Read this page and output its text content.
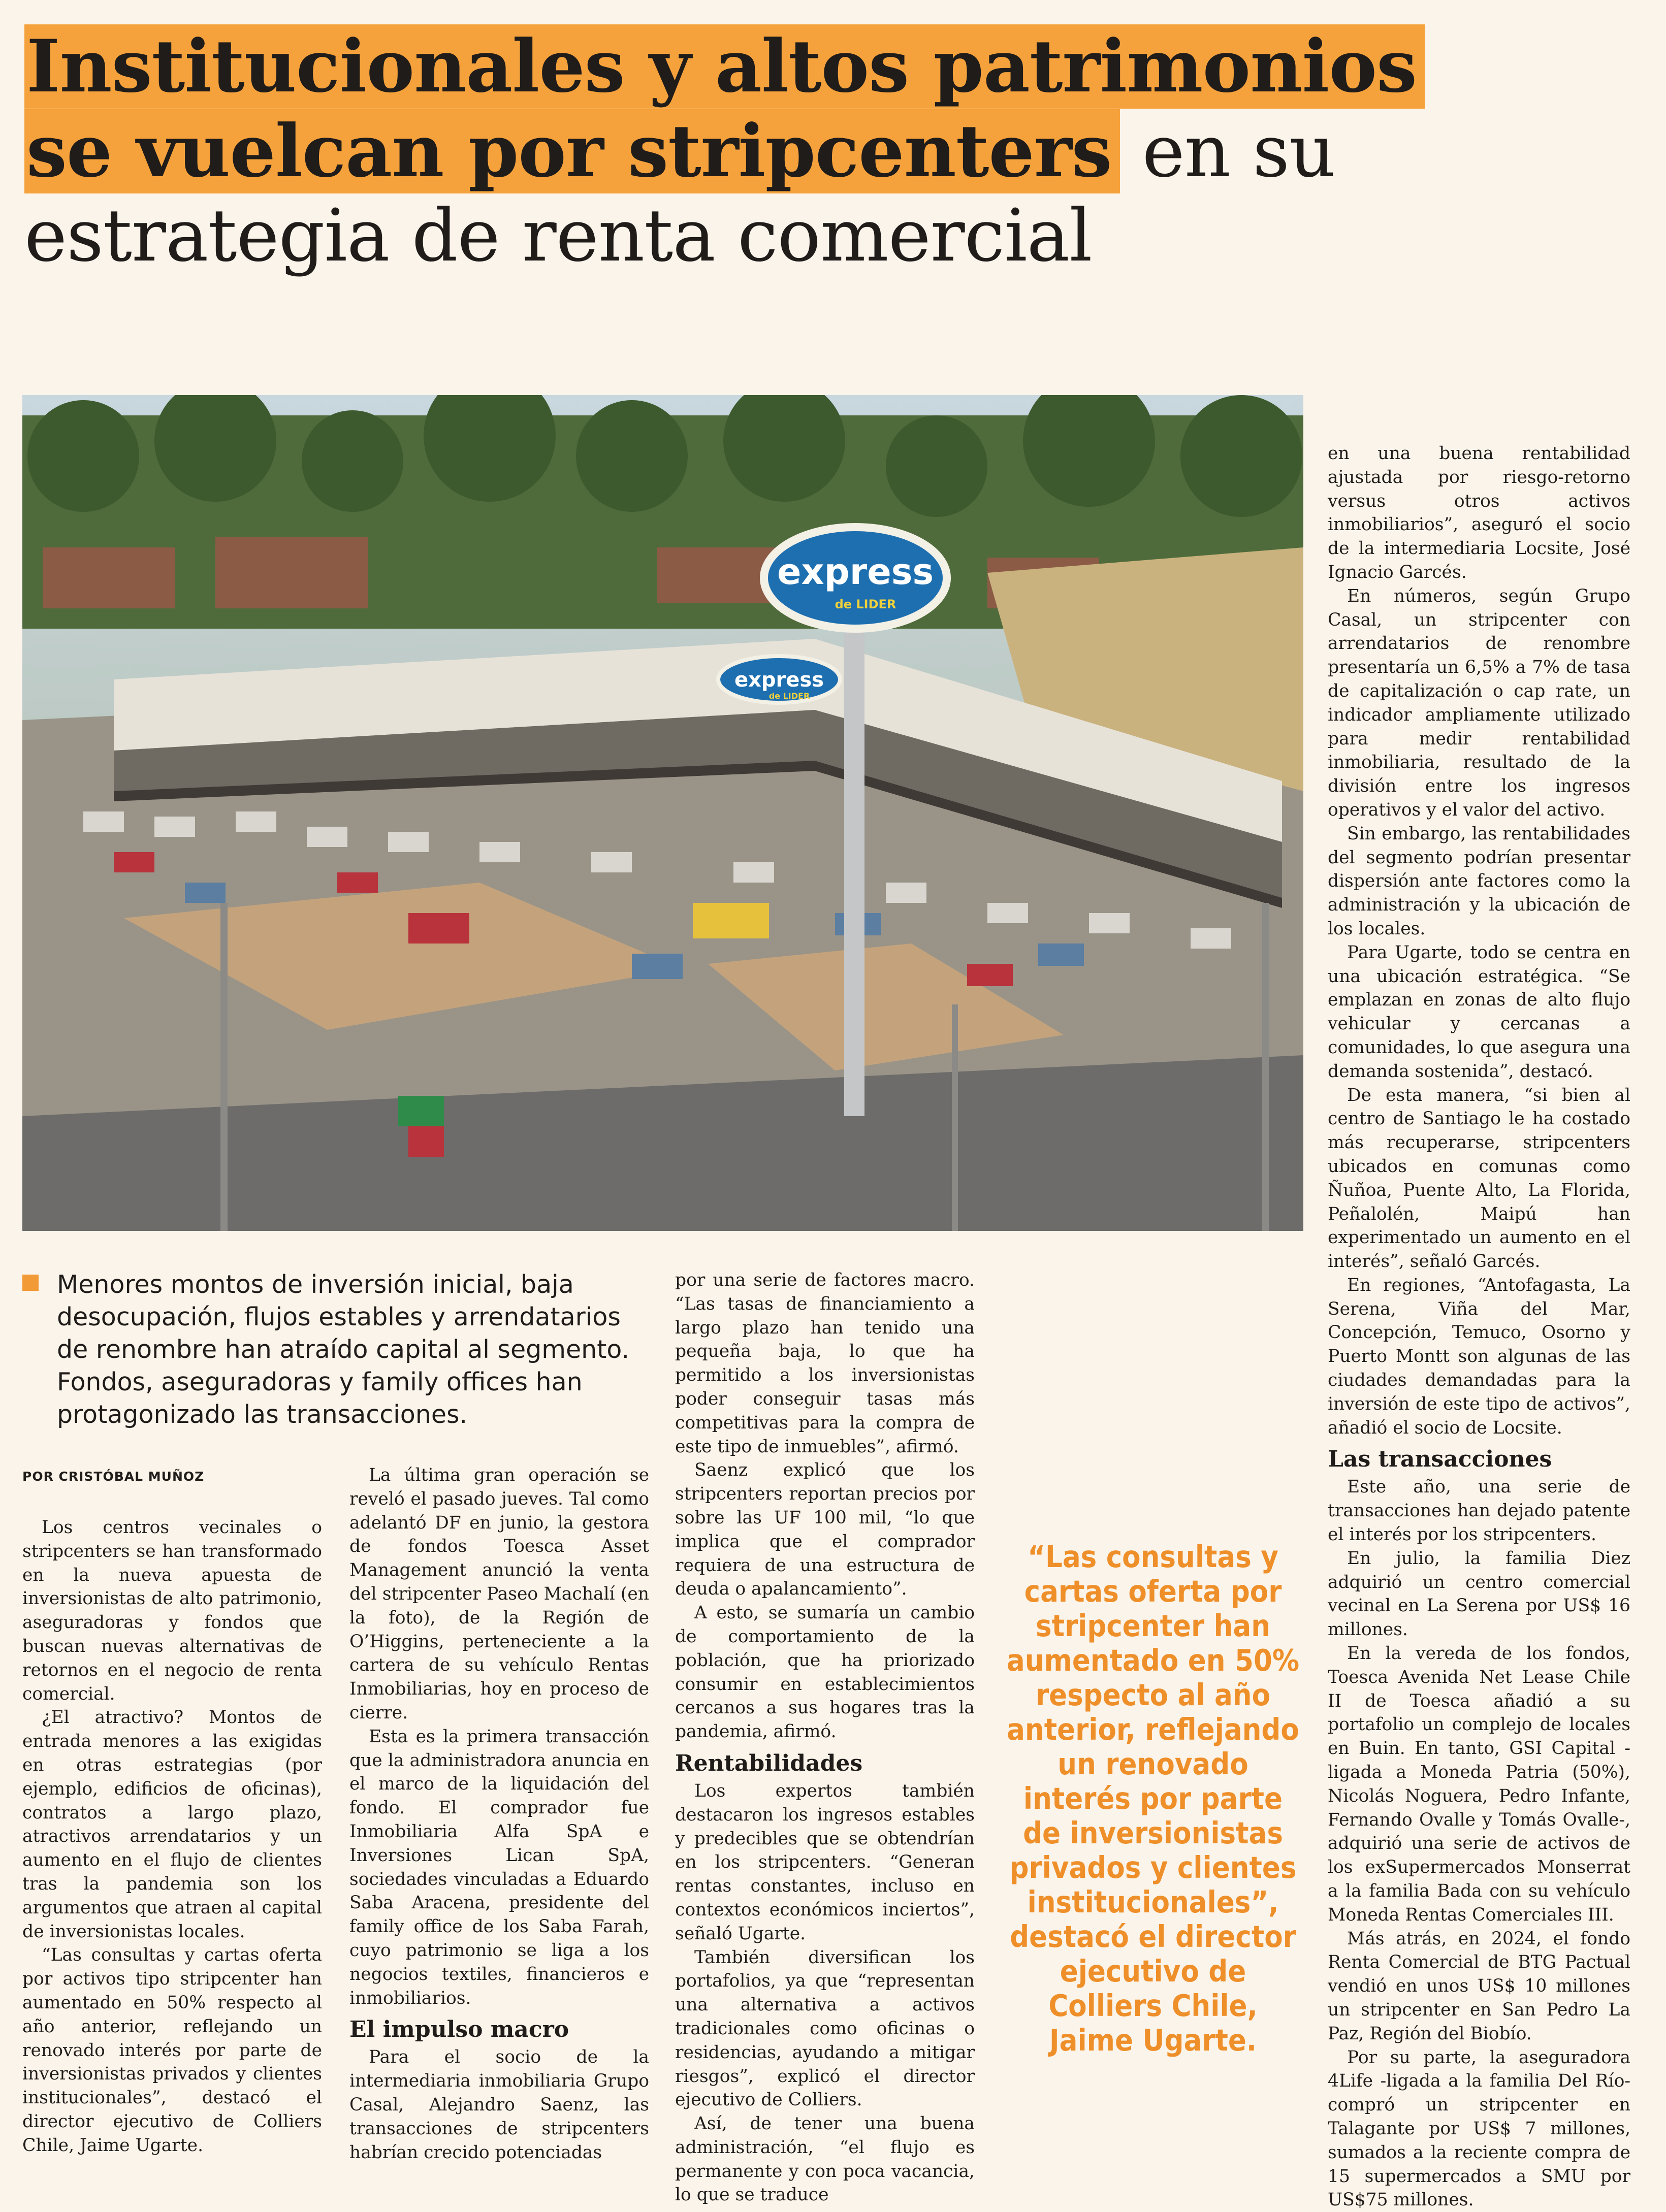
Institucionales y altos patrimonios
se vuelcan por stripcenters en su estrategia de renta comercial
express
de LIDER
express
de LIDER

Menores montos de inversión inicial, baja desocupación, flujos estables y arrendatarios de renombre han atraído capital al segmento. Fondos, aseguradoras y family offices han protagonizado las transacciones.

POR CRISTÓBAL MUÑOZ

Los centros vecinales o stripcenters se han transformado en la nueva apuesta de inversionistas de alto patrimonio, aseguradoras y fondos que buscan nuevas alternativas de retornos en el negocio de renta comercial.

¿El atractivo? Montos de entrada menores a las exigidas en otras estrategias (por ejemplo, edificios de oficinas), contratos a largo plazo, atractivos arrendatarios y un aumento en el flujo de clientes tras la pandemia son los argumentos que atraen al capital de inversionistas locales.

“Las consultas y cartas oferta por activos tipo stripcenter han aumentado en 50% respecto al año anterior, reflejando un renovado interés por parte de inversionistas privados y clientes institucionales”, destacó el director ejecutivo de Colliers Chile, Jaime Ugarte.

La última gran operación se reveló el pasado jueves. Tal como adelantó DF en junio, la gestora de fondos Toesca Asset Management anunció la venta del stripcenter Paseo Machalí (en la foto), de la Región de O’Higgins, perteneciente a la cartera de su vehículo Rentas Inmobiliarias, hoy en proceso de cierre.

Esta es la primera transacción que la administradora anuncia en el marco de la liquidación del fondo. El comprador fue Inmobiliaria Alfa SpA e Inversiones Lican SpA, sociedades vinculadas a Eduardo Saba Aracena, presidente del family office de los Saba Farah, cuyo patrimonio se liga a los negocios textiles, financieros e inmobiliarios.

El impulso macro

Para el socio de la intermediaria inmobiliaria Grupo Casal, Alejandro Saenz, las transacciones de stripcenters habrían crecido potenciadas

por una serie de factores macro. “Las tasas de financiamiento a largo plazo han tenido una pequeña baja, lo que ha permitido a los inversionistas poder conseguir tasas más competitivas para la compra de este tipo de inmuebles”, afirmó.

Saenz explicó que los stripcenters reportan precios por sobre las UF 100 mil, “lo que implica que el comprador requiera de una estructura de deuda o apalancamiento”.

A esto, se sumaría un cambio de comportamiento de la población, que ha priorizado consumir en establecimientos cercanos a sus hogares tras la pandemia, afirmó.

Rentabilidades

Los expertos también destacaron los ingresos estables y predecibles que se obtendrían en los stripcenters. “Generan rentas constantes, incluso en contextos económicos inciertos”, señaló Ugarte.

También diversifican los portafolios, ya que “representan una alternativa a activos tradicionales como oficinas o residencias, ayudando a mitigar riesgos”, explicó el director ejecutivo de Colliers.

Así, de tener una buena administración, “el flujo es permanente y con poca vacancia, lo que se traduce

“Las consultas y cartas oferta por stripcenter han aumentado en 50% respecto al año anterior, reflejando un renovado interés por parte de inversionistas privados y clientes institucionales”, destacó el director ejecutivo de Colliers Chile, Jaime Ugarte.

en una buena rentabilidad ajustada por riesgo-retorno versus otros activos inmobiliarios”, aseguró el socio de la intermediaria Locsite, José Ignacio Garcés.

En números, según Grupo Casal, un stripcenter con arrendatarios de renombre presentaría un 6,5% a 7% de tasa de capitalización o cap rate, un indicador ampliamente utilizado para medir rentabilidad inmobiliaria, resultado de la división entre los ingresos operativos y el valor del activo.

Sin embargo, las rentabilidades del segmento podrían presentar dispersión ante factores como la administración y la ubicación de los locales.

Para Ugarte, todo se centra en una ubicación estratégica. “Se emplazan en zonas de alto flujo vehicular y cercanas a comunidades, lo que asegura una demanda sostenida”, destacó.

De esta manera, “si bien al centro de Santiago le ha costado más recuperarse, stripcenters ubicados en comunas como Ñuñoa, Puente Alto, La Florida, Peñalolén, Maipú han experimentado un aumento en el interés”, señaló Garcés.

En regiones, “Antofagasta, La Serena, Viña del Mar, Concepción, Temuco, Osorno y Puerto Montt son algunas de las ciudades demandadas para la inversión de este tipo de activos”, añadió el socio de Locsite.

Las transacciones

Este año, una serie de transacciones han dejado patente el interés por los stripcenters.

En julio, la familia Diez adquirió un centro comercial vecinal en La Serena por US$ 16 millones.

En la vereda de los fondos, Toesca Avenida Net Lease Chile II de Toesca añadió a su portafolio un complejo de locales en Buin. En tanto, GSI Capital -ligada a Moneda Patria (50%), Nicolás Noguera, Pedro Infante, Fernando Ovalle y Tomás Ovalle-, adquirió una serie de activos de los exSupermercados Monserrat a la familia Bada con su vehículo Moneda Rentas Comerciales III.

Más atrás, en 2024, el fondo Renta Comercial de BTG Pactual vendió en unos US$ 10 millones un stripcenter en San Pedro La Paz, Región del Biobío.

Por su parte, la aseguradora 4Life -ligada a la familia Del Río- compró un stripcenter en Talagante por US$ 7 millones, sumados a la reciente compra de 15 supermercados a SMU por US$75 millones.
